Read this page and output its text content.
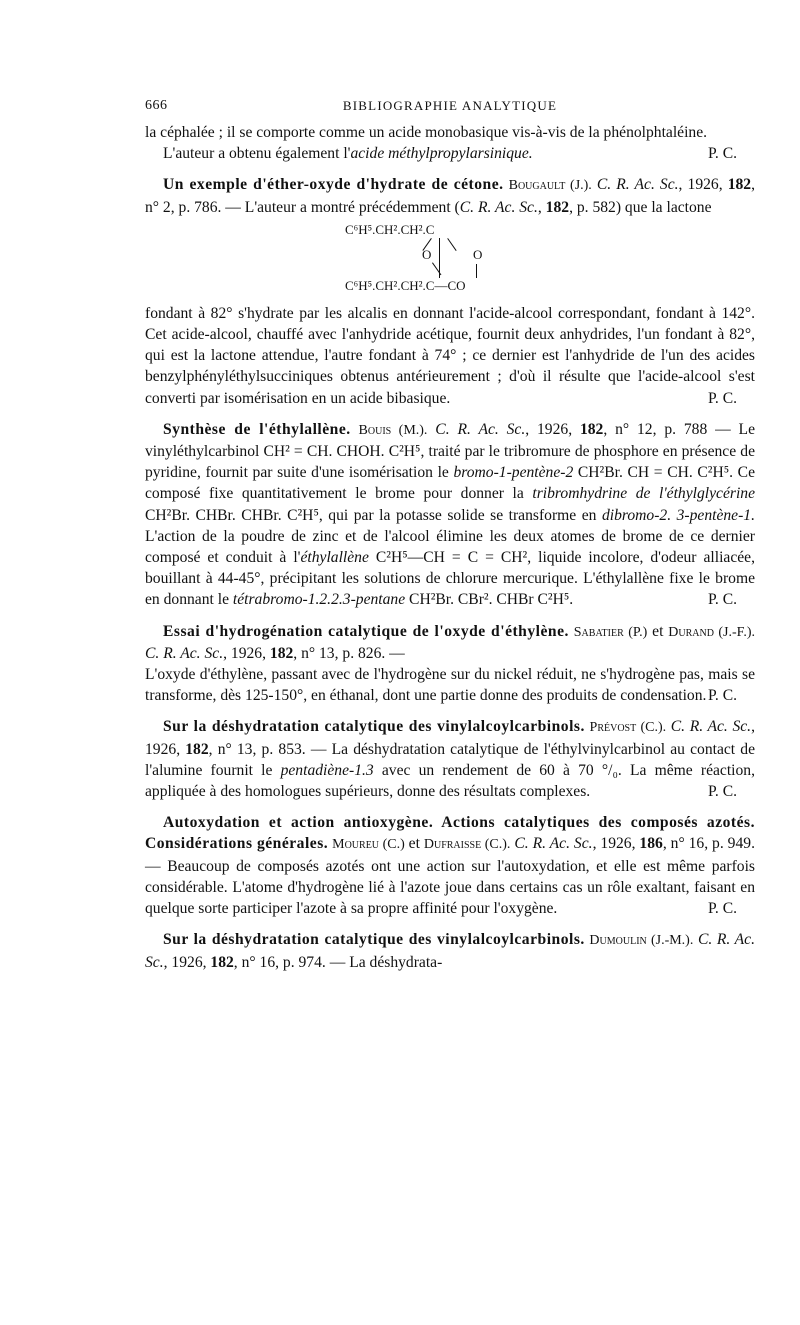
666	BIBLIOGRAPHIE ANALYTIQUE

la céphalée ; il se comporte comme un acide monobasique vis-à-vis de la phénolphtaléine.

L'auteur a obtenu également l'acide méthylpropylarsinique.	P. C.

Un exemple d'éther-oxyde d'hydrate de cétone. Bougault (J.). C. R. Ac. Sc., 1926, 182, n° 2, p. 786. — L'auteur a montré précédemment (C. R. Ac. Sc., 182, p. 582) que la lactone

C⁶H⁵.CH².CH².C
O	O
C⁶H⁵.CH².CH².C—CO

fondant à 82° s'hydrate par les alcalis en donnant l'acide-alcool correspondant, fondant à 142°. Cet acide-alcool, chauffé avec l'anhydride acétique, fournit deux anhydrides, l'un fondant à 82°, qui est la lactone attendue, l'autre fondant à 74° ; ce dernier est l'anhydride de l'un des acides benzylphényléthylsucciniques obtenus antérieurement ; d'où il résulte que l'acide-alcool s'est converti par isomérisation en un acide bibasique.	P. C.

Synthèse de l'éthylallène. Bouis (M.). C. R. Ac. Sc., 1926, 182, n° 12, p. 788 — Le vinyléthylcarbinol CH² = CH. CHOH. C²H⁵, traité par le tribromure de phosphore en présence de pyridine, fournit par suite d'une isomérisation le bromo-1-pentène-2 CH²Br. CH = CH. C²H⁵. Ce composé fixe quantitativement le brome pour donner la tribromhydrine de l'éthylglycérine CH²Br. CHBr. CHBr. C²H⁵, qui par la potasse solide se transforme en dibromo-2. 3-pentène-1. L'action de la poudre de zinc et de l'alcool élimine les deux atomes de brome de ce dernier composé et conduit à l'éthylallène C²H⁵—CH = C = CH², liquide incolore, d'odeur alliacée, bouillant à 44-45°, précipitant les solutions de chlorure mercurique. L'éthylallène fixe le brome en donnant le tétrabromo-1.2.2.3-pentane CH²Br. CBr². CHBr C²H⁵.	P. C.

Essai d'hydrogénation catalytique de l'oxyde d'éthylène. Sabatier (P.) et Durand (J.-F.). C. R. Ac. Sc., 1926, 182, n° 13, p. 826. —

L'oxyde d'éthylène, passant avec de l'hydrogène sur du nickel réduit, ne s'hydrogène pas, mais se transforme, dès 125-150°, en éthanal, dont une partie donne des produits de condensation. P. C.

Sur la déshydratation catalytique des vinylalcoylcarbinols. Prévost (C.). C. R. Ac. Sc., 1926, 182, n° 13, p. 853. — La déshydratation catalytique de l'éthylvinylcarbinol au contact de l'alumine fournit le pentadiène-1.3 avec un rendement de 60 à 70 °/₀. La même réaction, appliquée à des homologues supérieurs, donne des résultats complexes.	P. C.

Autoxydation et action antioxygène. Actions catalytiques des composés azotés. Considérations générales. Moureu (C.) et Dufraisse (C.). C. R. Ac. Sc., 1926, 186, n° 16, p. 949. — Beaucoup de composés azotés ont une action sur l'autoxydation, et elle est même parfois considérable. L'atome d'hydrogène lié à l'azote joue dans certains cas un rôle exaltant, faisant en quelque sorte participer l'azote à sa propre affinité pour l'oxygène.	P. C.

Sur la déshydratation catalytique des vinylalcoylcarbinols. Dumoulin (J.-M.). C. R. Ac. Sc., 1926, 182, n° 16, p. 974. — La déshydrata-
